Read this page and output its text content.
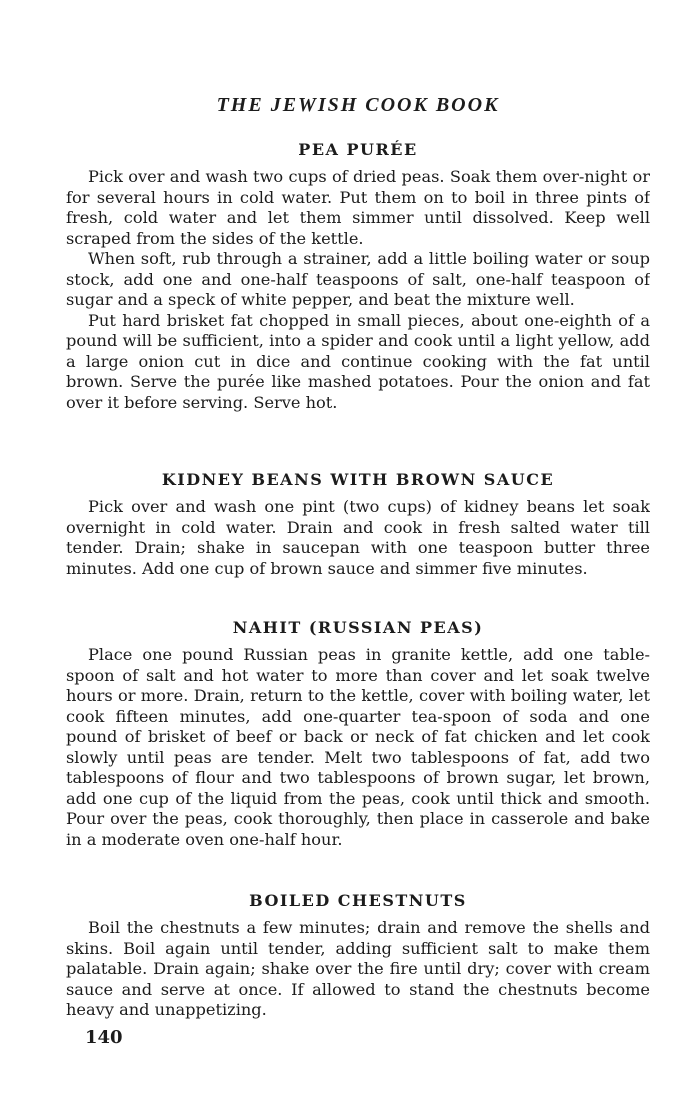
THE JEWISH COOK BOOK
PEA PURÉE

Pick over and wash two cups of dried peas. Soak them over-night or for several hours in cold water. Put them on to boil in three pints of fresh, cold water and let them simmer until dissolved. Keep well scraped from the sides of the kettle.

When soft, rub through a strainer, add a little boiling water or soup stock, add one and one-half teaspoons of salt, one-half teaspoon of sugar and a speck of white pepper, and beat the mixture well.

Put hard brisket fat chopped in small pieces, about one-eighth of a pound will be sufficient, into a spider and cook until a light yellow, add a large onion cut in dice and continue cooking with the fat until brown. Serve the purée like mashed potatoes. Pour the onion and fat over it before serving. Serve hot.

KIDNEY BEANS WITH BROWN SAUCE

Pick over and wash one pint (two cups) of kidney beans let soak overnight in cold water. Drain and cook in fresh salted water till tender. Drain; shake in saucepan with one teaspoon butter three minutes. Add one cup of brown sauce and simmer five minutes.

NAHIT (RUSSIAN PEAS)

Place one pound Russian peas in granite kettle, add one table-spoon of salt and hot water to more than cover and let soak twelve hours or more. Drain, return to the kettle, cover with boiling water, let cook fifteen minutes, add one-quarter tea-spoon of soda and one pound of brisket of beef or back or neck of fat chicken and let cook slowly until peas are tender. Melt two tablespoons of fat, add two tablespoons of flour and two tablespoons of brown sugar, let brown, add one cup of the liquid from the peas, cook until thick and smooth. Pour over the peas, cook thoroughly, then place in casserole and bake in a moderate oven one-half hour.

BOILED CHESTNUTS

Boil the chestnuts a few minutes; drain and remove the shells and skins. Boil again until tender, adding sufficient salt to make them palatable. Drain again; shake over the fire until dry; cover with cream sauce and serve at once. If allowed to stand the chestnuts become heavy and unappetizing.

140
